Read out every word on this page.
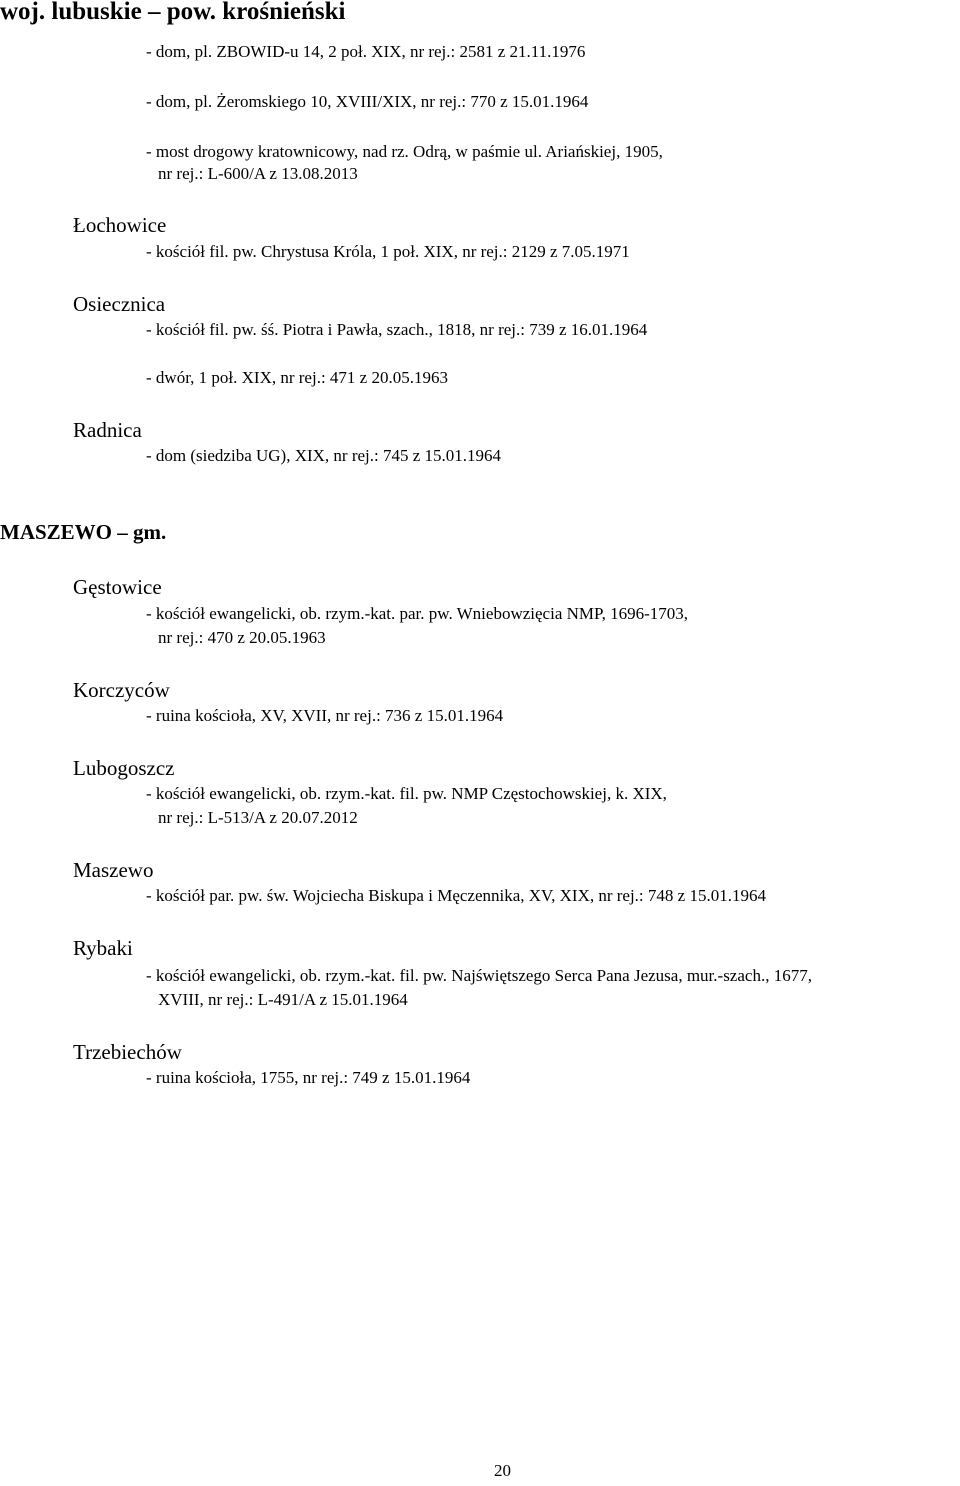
woj. lubuskie – pow. krośnieński
- dom, pl. ZBOWID-u 14, 2 poł. XIX, nr rej.: 2581 z 21.11.1976
- dom, pl. Żeromskiego 10, XVIII/XIX, nr rej.: 770 z 15.01.1964
- most drogowy kratownicowy, nad rz. Odrą, w paśmie ul. Ariańskiej, 1905,
nr rej.: L-600/A z 13.08.2013
Łochowice
- kościół fil. pw. Chrystusa Króla, 1 poł. XIX, nr rej.: 2129 z 7.05.1971
Osiecznica
- kościół fil. pw. śś. Piotra i Pawła, szach., 1818, nr rej.: 739 z 16.01.1964
- dwór, 1 poł. XIX, nr rej.: 471 z 20.05.1963
Radnica
- dom (siedziba UG), XIX, nr rej.: 745 z 15.01.1964
MASZEWO – gm.
Gęstowice
- kościół ewangelicki, ob. rzym.-kat. par. pw. Wniebowzięcia NMP, 1696-1703,
nr rej.: 470 z 20.05.1963
Korczyców
- ruina kościoła, XV, XVII, nr rej.: 736 z 15.01.1964
Lubogoszcz
- kościół ewangelicki, ob. rzym.-kat. fil. pw. NMP Częstochowskiej, k. XIX,
nr rej.: L-513/A z 20.07.2012
Maszewo
- kościół par. pw. św. Wojciecha Biskupa i Męczennika, XV, XIX, nr rej.: 748 z 15.01.1964
Rybaki
- kościół ewangelicki, ob. rzym.-kat. fil. pw. Najświętszego Serca Pana Jezusa, mur.-szach., 1677,
XVIII, nr rej.: L-491/A z 15.01.1964
Trzebiechów
- ruina kościoła, 1755, nr rej.: 749 z 15.01.1964
20
